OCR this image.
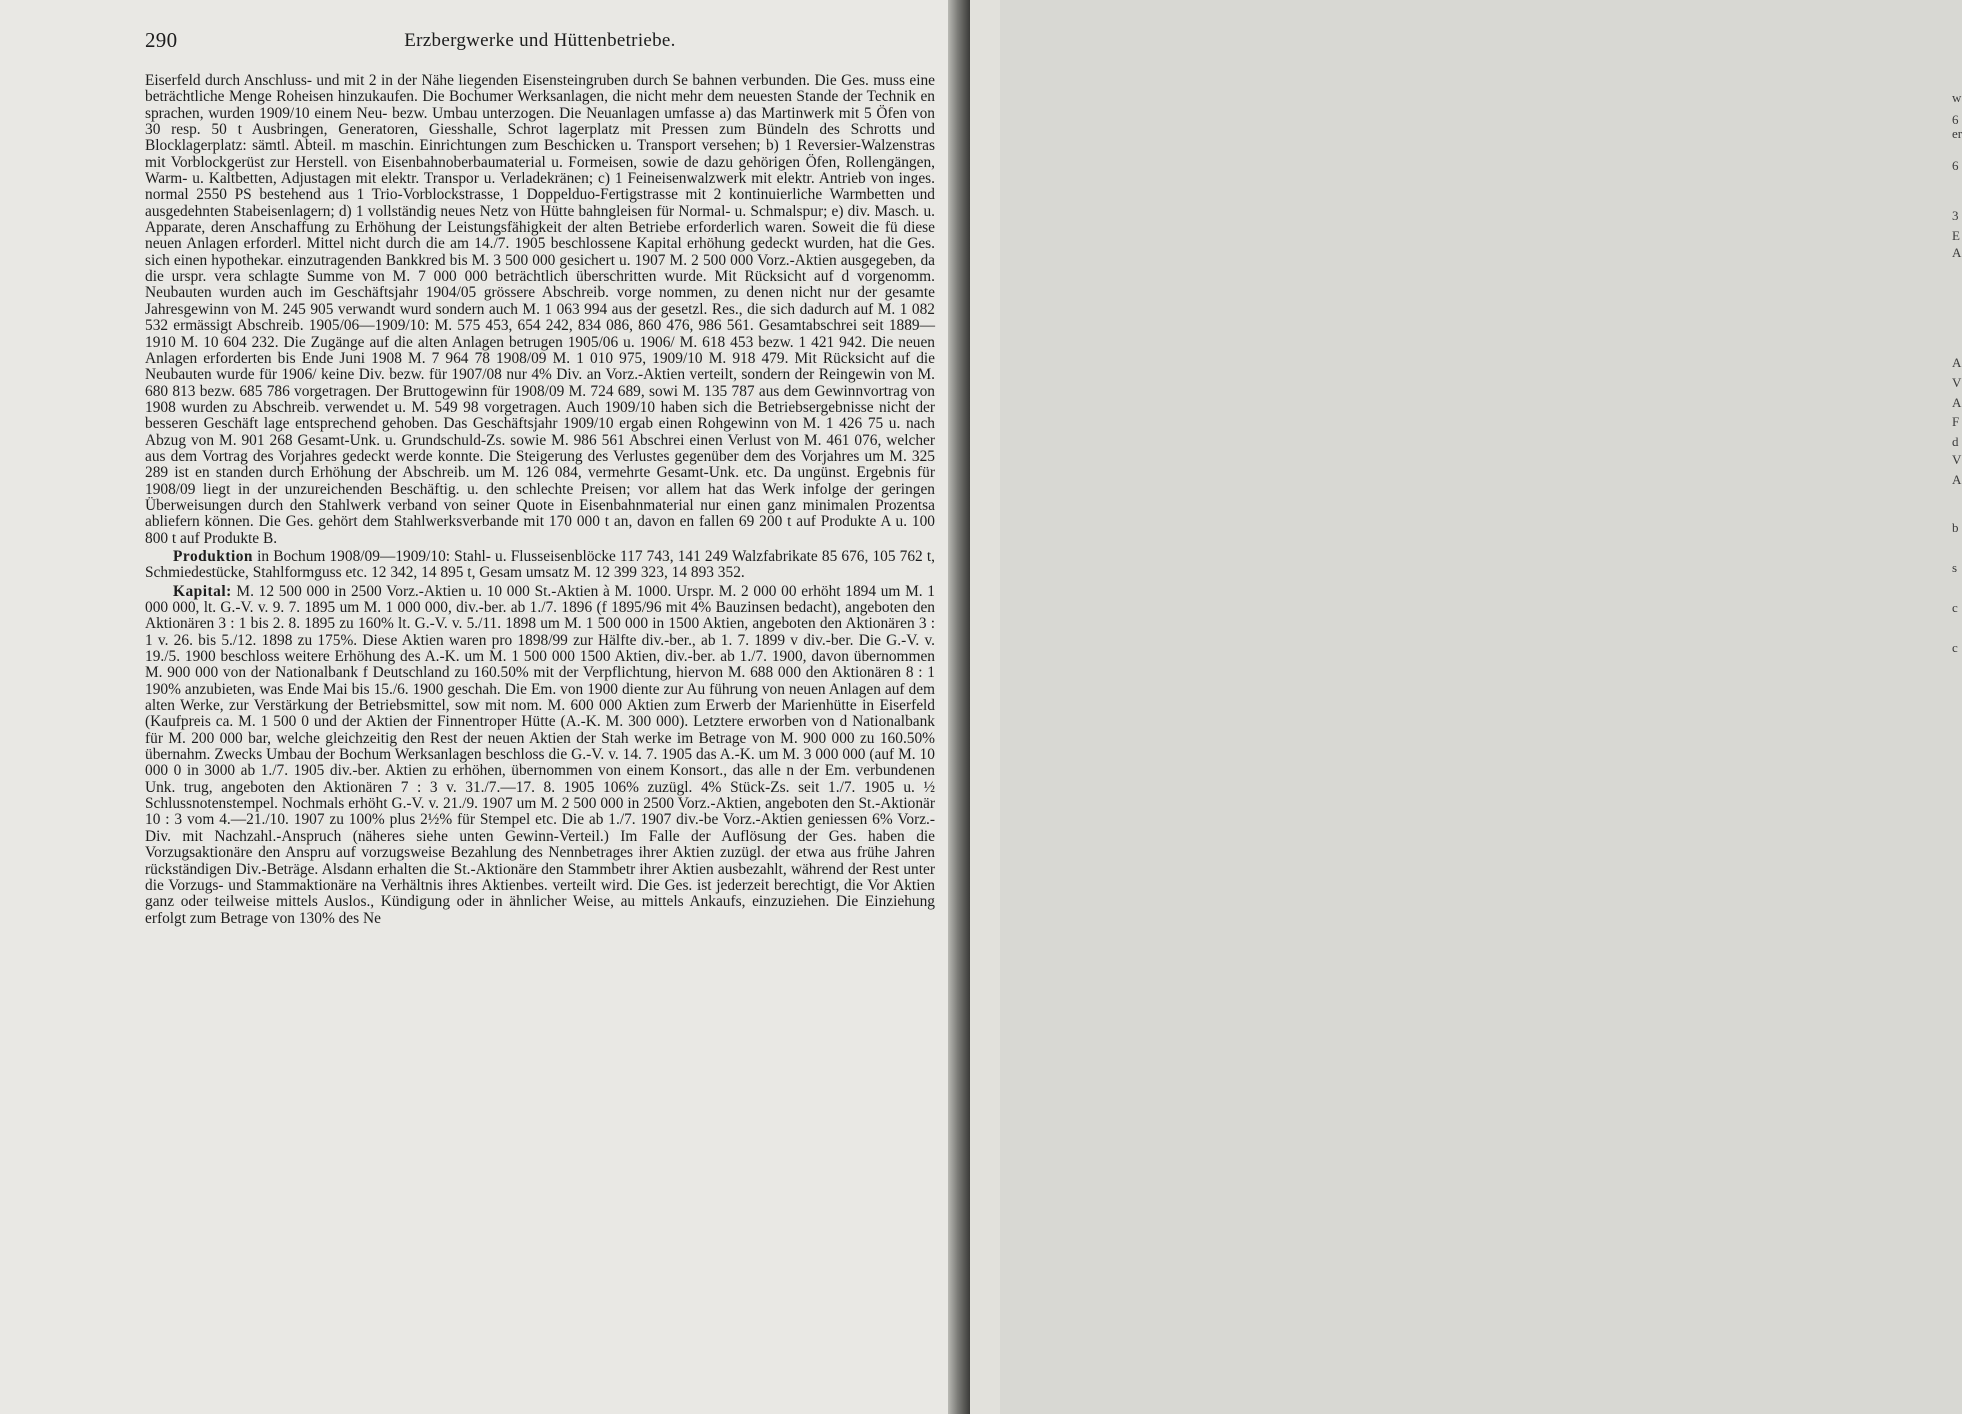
290	Erzbergwerke und Hüttenbetriebe.

Eiserfeld durch Anschluss- und mit 2 in der Nähe liegenden Eisensteingruben durch Se bahnen verbunden. Die Ges. muss eine beträchtliche Menge Roheisen hinzukaufen. Die Bochumer Werksanlagen, die nicht mehr dem neuesten Stande der Technik en sprachen, wurden 1909/10 einem Neu- bezw. Umbau unterzogen. Die Neuanlagen umfasse a) das Martinwerk mit 5 Öfen von 30 resp. 50 t Ausbringen, Generatoren, Giesshalle, Schrot lagerplatz mit Pressen zum Bündeln des Schrotts und Blocklagerplatz: sämtl. Abteil. m maschin. Einrichtungen zum Beschicken u. Transport versehen; b) 1 Reversier-Walzenstras mit Vorblockgerüst zur Herstell. von Eisenbahnoberbaumaterial u. Formeisen, sowie de dazu gehörigen Öfen, Rollengängen, Warm- u. Kaltbetten, Adjustagen mit elektr. Transpor u. Verladekränen; c) 1 Feineisenwalzwerk mit elektr. Antrieb von inges. normal 2550 PS bestehend aus 1 Trio-Vorblockstrasse, 1 Doppelduo-Fertigstrasse mit 2 kontinuierliche Warmbetten und ausgedehnten Stabeisenlagern; d) 1 vollständig neues Netz von Hütte bahngleisen für Normal- u. Schmalspur; e) div. Masch. u. Apparate, deren Anschaffung zu Erhöhung der Leistungsfähigkeit der alten Betriebe erforderlich waren. Soweit die fü diese neuen Anlagen erforderl. Mittel nicht durch die am 14./7. 1905 beschlossene Kapital erhöhung gedeckt wurden, hat die Ges. sich einen hypothekar. einzutragenden Bankkred bis M. 3 500 000 gesichert u. 1907 M. 2 500 000 Vorz.-Aktien ausgegeben, da die urspr. vera schlagte Summe von M. 7 000 000 beträchtlich überschritten wurde. Mit Rücksicht auf d vorgenomm. Neubauten wurden auch im Geschäftsjahr 1904/05 grössere Abschreib. vorge nommen, zu denen nicht nur der gesamte Jahresgewinn von M. 245 905 verwandt wurd sondern auch M. 1 063 994 aus der gesetzl. Res., die sich dadurch auf M. 1 082 532 ermässigt Abschreib. 1905/06—1909/10: M. 575 453, 654 242, 834 086, 860 476, 986 561. Gesamtabschrei seit 1889—1910 M. 10 604 232. Die Zugänge auf die alten Anlagen betrugen 1905/06 u. 1906/ M. 618 453 bezw. 1 421 942. Die neuen Anlagen erforderten bis Ende Juni 1908 M. 7 964 78 1908/09 M. 1 010 975, 1909/10 M. 918 479. Mit Rücksicht auf die Neubauten wurde für 1906/ keine Div. bezw. für 1907/08 nur 4% Div. an Vorz.-Aktien verteilt, sondern der Reingewin von M. 680 813 bezw. 685 786 vorgetragen. Der Bruttogewinn für 1908/09 M. 724 689, sowi M. 135 787 aus dem Gewinnvortrag von 1908 wurden zu Abschreib. verwendet u. M. 549 98 vorgetragen. Auch 1909/10 haben sich die Betriebsergebnisse nicht der besseren Geschäft lage entsprechend gehoben. Das Geschäftsjahr 1909/10 ergab einen Rohgewinn von M. 1 426 75 u. nach Abzug von M. 901 268 Gesamt-Unk. u. Grundschuld-Zs. sowie M. 986 561 Abschrei einen Verlust von M. 461 076, welcher aus dem Vortrag des Vorjahres gedeckt werde konnte. Die Steigerung des Verlustes gegenüber dem des Vorjahres um M. 325 289 ist en standen durch Erhöhung der Abschreib. um M. 126 084, vermehrte Gesamt-Unk. etc. Da ungünst. Ergebnis für 1908/09 liegt in der unzureichenden Beschäftig. u. den schlechte Preisen; vor allem hat das Werk infolge der geringen Überweisungen durch den Stahlwerk verband von seiner Quote in Eisenbahnmaterial nur einen ganz minimalen Prozentsa abliefern können. Die Ges. gehört dem Stahlwerksverbande mit 170 000 t an, davon en fallen 69 200 t auf Produkte A u. 100 800 t auf Produkte B.

Produktion in Bochum 1908/09—1909/10: Stahl- u. Flusseisenblöcke 117 743, 141 249 Walzfabrikate 85 676, 105 762 t, Schmiedestücke, Stahlformguss etc. 12 342, 14 895 t, Gesam umsatz M. 12 399 323, 14 893 352.

Kapital: M. 12 500 000 in 2500 Vorz.-Aktien u. 10 000 St.-Aktien à M. 1000. Urspr. M. 2 000 00 erhöht 1894 um M. 1 000 000, lt. G.-V. v. 9. 7. 1895 um M. 1 000 000, div.-ber. ab 1./7. 1896 (f 1895/96 mit 4% Bauzinsen bedacht), angeboten den Aktionären 3 : 1 bis 2. 8. 1895 zu 160% lt. G.-V. v. 5./11. 1898 um M. 1 500 000 in 1500 Aktien, angeboten den Aktionären 3 : 1 v. 26. bis 5./12. 1898 zu 175%. Diese Aktien waren pro 1898/99 zur Hälfte div.-ber., ab 1. 7. 1899 v div.-ber. Die G.-V. v. 19./5. 1900 beschloss weitere Erhöhung des A.-K. um M. 1 500 000 1500 Aktien, div.-ber. ab 1./7. 1900, davon übernommen M. 900 000 von der Nationalbank f Deutschland zu 160.50% mit der Verpflichtung, hiervon M. 688 000 den Aktionären 8 : 1 190% anzubieten, was Ende Mai bis 15./6. 1900 geschah. Die Em. von 1900 diente zur Au führung von neuen Anlagen auf dem alten Werke, zur Verstärkung der Betriebsmittel, sow mit nom. M. 600 000 Aktien zum Erwerb der Marienhütte in Eiserfeld (Kaufpreis ca. M. 1 500 0 und der Aktien der Finnentroper Hütte (A.-K. M. 300 000). Letztere erworben von d Nationalbank für M. 200 000 bar, welche gleichzeitig den Rest der neuen Aktien der Stah werke im Betrage von M. 900 000 zu 160.50% übernahm. Zwecks Umbau der Bochum Werksanlagen beschloss die G.-V. v. 14. 7. 1905 das A.-K. um M. 3 000 000 (auf M. 10 000 0 in 3000 ab 1./7. 1905 div.-ber. Aktien zu erhöhen, übernommen von einem Konsort., das alle n der Em. verbundenen Unk. trug, angeboten den Aktionären 7 : 3 v. 31./7.—17. 8. 1905 106% zuzügl. 4% Stück-Zs. seit 1./7. 1905 u. ½ Schlussnotenstempel. Nochmals erhöht G.-V. v. 21./9. 1907 um M. 2 500 000 in 2500 Vorz.-Aktien, angeboten den St.-Aktionär 10 : 3 vom 4.—21./10. 1907 zu 100% plus 2½% für Stempel etc. Die ab 1./7. 1907 div.-be Vorz.-Aktien geniessen 6% Vorz.-Div. mit Nachzahl.-Anspruch (näheres siehe unten Gewinn-Verteil.) Im Falle der Auflösung der Ges. haben die Vorzugsaktionäre den Anspru auf vorzugsweise Bezahlung des Nennbetrages ihrer Aktien zuzügl. der etwa aus frühe Jahren rückständigen Div.-Beträge. Alsdann erhalten die St.-Aktionäre den Stammbetr ihrer Aktien ausbezahlt, während der Rest unter die Vorzugs- und Stammaktionäre na Verhältnis ihres Aktienbes. verteilt wird. Die Ges. ist jederzeit berechtigt, die Vor Aktien ganz oder teilweise mittels Auslos., Kündigung oder in ähnlicher Weise, au mittels Ankaufs, einzuziehen. Die Einziehung erfolgt zum Betrage von 130% des Ne

w
6
er
6
3
E
A
A
V
A
F
d
V
A
b
s
c
c
